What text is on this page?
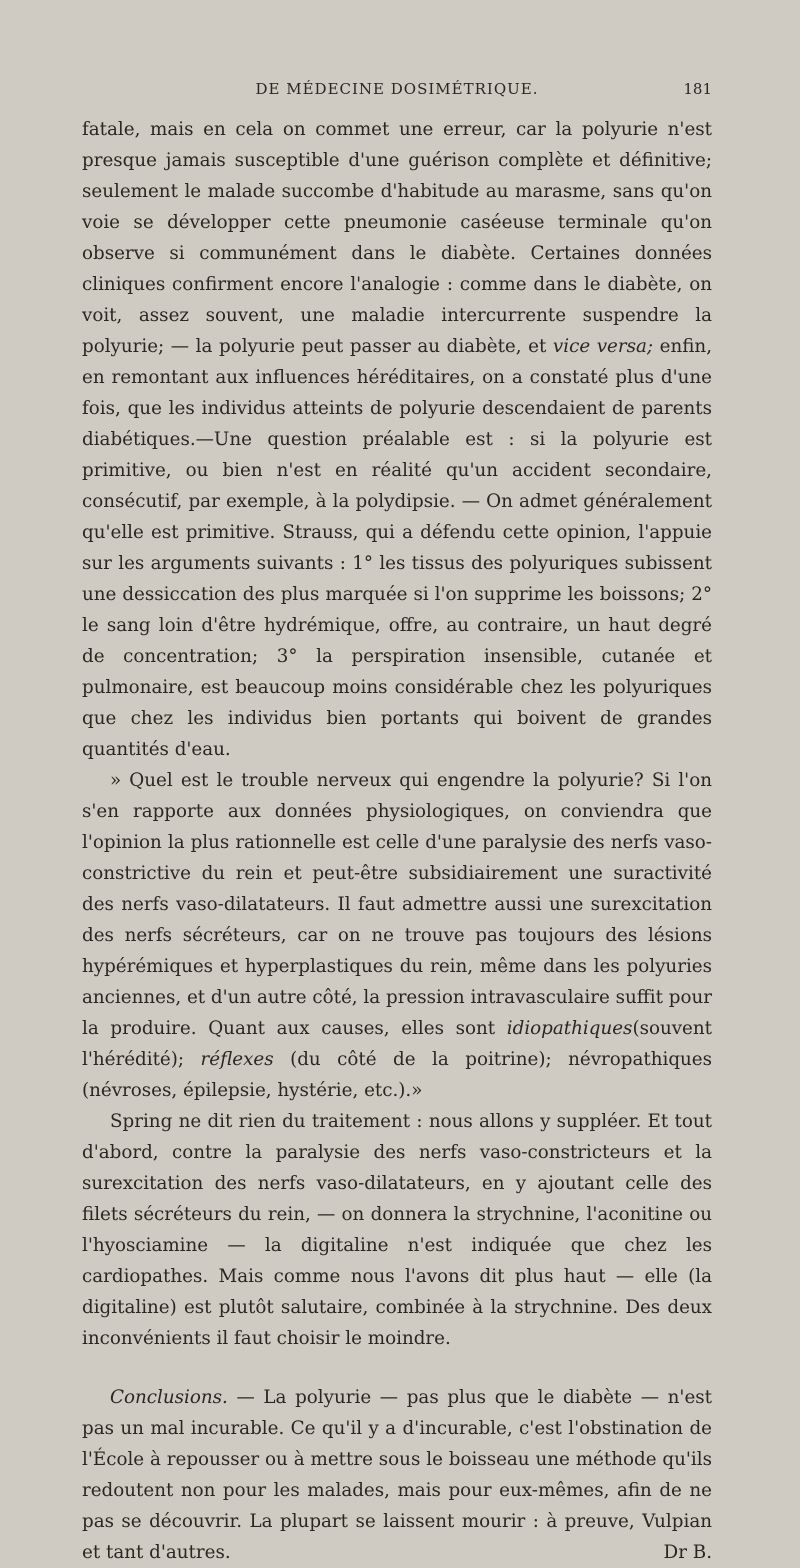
DE MÉDECINE DOSIMÉTRIQUE.	181

fatale, mais en cela on commet une erreur, car la polyurie n'est presque jamais susceptible d'une guérison complète et définitive; seulement le malade succombe d'habitude au marasme, sans qu'on voie se développer cette pneumonie caséeuse terminale qu'on observe si communément dans le diabète. Certaines données cliniques confirment encore l'analogie : comme dans le diabète, on voit, assez souvent, une maladie intercurrente suspendre la polyurie; — la polyurie peut passer au diabète, et vice versa; enfin, en remontant aux influences héréditaires, on a constaté plus d'une fois, que les individus atteints de polyurie descendaient de parents diabétiques.—Une question préalable est : si la polyurie est primitive, ou bien n'est en réalité qu'un accident secondaire, consécutif, par exemple, à la polydipsie. — On admet généralement qu'elle est primitive. Strauss, qui a défendu cette opinion, l'appuie sur les arguments suivants : 1° les tissus des polyuriques subissent une dessiccation des plus marquée si l'on supprime les boissons; 2° le sang loin d'être hydrémique, offre, au contraire, un haut degré de concentration; 3° la perspiration insensible, cutanée et pulmonaire, est beaucoup moins considérable chez les polyuriques que chez les individus bien portants qui boivent de grandes quantités d'eau.

» Quel est le trouble nerveux qui engendre la polyurie? Si l'on s'en rapporte aux données physiologiques, on conviendra que l'opinion la plus rationnelle est celle d'une paralysie des nerfs vaso-constrictive du rein et peut-être subsidiairement une suractivité des nerfs vaso-dilatateurs. Il faut admettre aussi une surexcitation des nerfs sécréteurs, car on ne trouve pas toujours des lésions hypérémiques et hyperplastiques du rein, même dans les polyuries anciennes, et d'un autre côté, la pression intravasculaire suffit pour la produire. Quant aux causes, elles sont idiopathiques(souvent l'hérédité); réflexes (du côté de la poitrine); névropathiques (névroses, épilepsie, hystérie, etc.).»

Spring ne dit rien du traitement : nous allons y suppléer. Et tout d'abord, contre la paralysie des nerfs vaso-constricteurs et la surexcitation des nerfs vaso-dilatateurs, en y ajoutant celle des filets sécréteurs du rein, — on donnera la strychnine, l'aconitine ou l'hyosciamine — la digitaline n'est indiquée que chez les cardiopathes. Mais comme nous l'avons dit plus haut — elle (la digitaline) est plutôt salutaire, combinée à la strychnine. Des deux inconvénients il faut choisir le moindre.

Conclusions. — La polyurie — pas plus que le diabète — n'est pas un mal incurable. Ce qu'il y a d'incurable, c'est l'obstination de l'École à repousser ou à mettre sous le boisseau une méthode qu'ils redoutent non pour les malades, mais pour eux-mêmes, afin de ne pas se découvrir. La plupart se laissent mourir : à preuve, Vulpian et tant d'autres.	Dr B.
